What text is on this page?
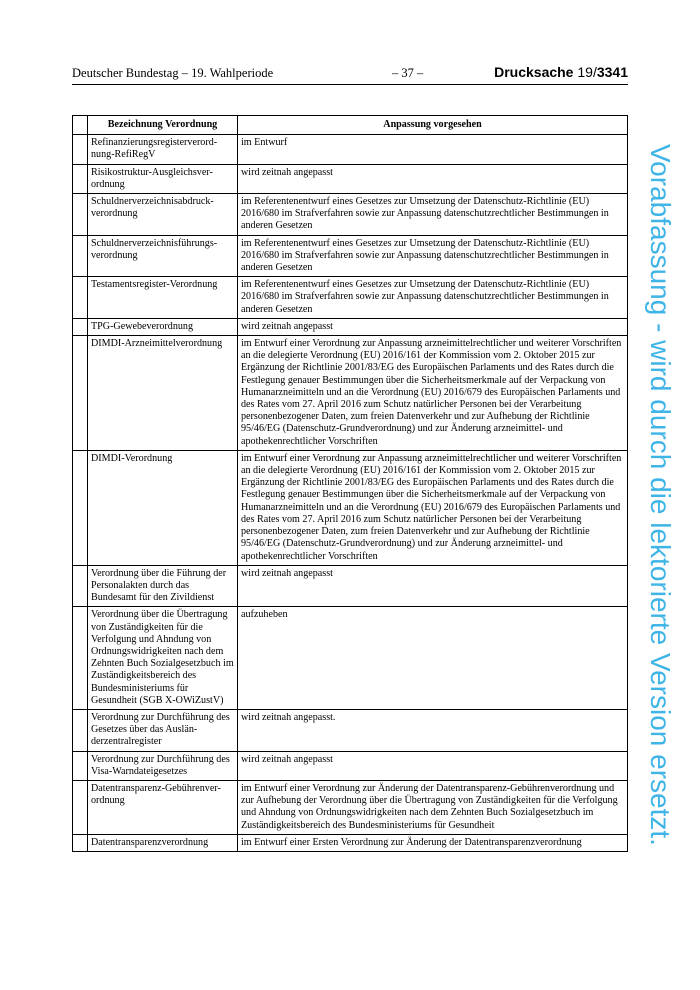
Deutscher Bundestag – 19. Wahlperiode	– 37 –	Drucksache 19/3341
	Bezeichnung Verordnung	Anpassung vorgesehen
	Refinanzierungsregisterverordnung-RefiRegV	im Entwurf
	Risikostruktur-Ausgleichsverordnung	wird zeitnah angepasst
	Schuldnerverzeichnisabdruckverordnung	im Referentenentwurf eines Gesetzes zur Umsetzung der Datenschutz-Richtlinie (EU) 2016/680 im Strafverfahren sowie zur Anpassung datenschutzrechtlicher Bestimmungen in anderen Gesetzen
	Schuldnerverzeichnisführungsverordnung	im Referentenentwurf eines Gesetzes zur Umsetzung der Datenschutz-Richtlinie (EU) 2016/680 im Strafverfahren sowie zur Anpassung datenschutzrechtlicher Bestimmungen in anderen Gesetzen
	Testamentsregister-Verordnung	im Referentenentwurf eines Gesetzes zur Umsetzung der Datenschutz-Richtlinie (EU) 2016/680 im Strafverfahren sowie zur Anpassung datenschutzrechtlicher Bestimmungen in anderen Gesetzen
	TPG-Gewebeverordnung	wird zeitnah angepasst
	DIMDI-Arzneimittelverordnung	im Entwurf einer Verordnung zur Anpassung arzneimittelrechtlicher und weiterer Vorschriften an die delegierte Verordnung (EU) 2016/161 der Kommission vom 2. Oktober 2015 zur Ergänzung der Richtlinie 2001/83/EG des Europäischen Parlaments und des Rates durch die Festlegung genauer Bestimmungen über die Sicherheitsmerkmale auf der Verpackung von Humanarzneimitteln und an die Verordnung (EU) 2016/679 des Europäischen Parlaments und des Rates vom 27. April 2016 zum Schutz natürlicher Personen bei der Verarbeitung personenbezogener Daten, zum freien Datenverkehr und zur Aufhebung der Richtlinie 95/46/EG (Datenschutz-Grundverordnung) und zur Änderung arzneimittel- und apothekenrechtlicher Vorschriften
	DIMDI-Verordnung	im Entwurf einer Verordnung zur Anpassung arzneimittelrechtlicher und weiterer Vorschriften an die delegierte Verordnung (EU) 2016/161 der Kommission vom 2. Oktober 2015 zur Ergänzung der Richtlinie 2001/83/EG des Europäischen Parlaments und des Rates durch die Festlegung genauer Bestimmungen über die Sicherheitsmerkmale auf der Verpackung von Humanarzneimitteln und an die Verordnung (EU) 2016/679 des Europäischen Parlaments und des Rates vom 27. April 2016 zum Schutz natürlicher Personen bei der Verarbeitung personenbezogener Daten, zum freien Datenverkehr und zur Aufhebung der Richtlinie 95/46/EG (Datenschutz-Grundverordnung) und zur Änderung arzneimittel- und apothekenrechtlicher Vorschriften
	Verordnung über die Führung der Personalakten durch das Bundesamt für den Zivildienst	wird zeitnah angepasst
	Verordnung über die Übertragung von Zuständigkeiten für die Verfolgung und Ahndung von Ordnungswidrigkeiten nach dem Zehnten Buch Sozialgesetzbuch im Zuständigkeitsbereich des Bundesministeriums für Gesundheit (SGB X-OWiZustV)	aufzuheben
	Verordnung zur Durchführung des Gesetzes über das Ausländerzentralregister	wird zeitnah angepasst.
	Verordnung zur Durchführung des Visa-Warndateigesetzes	wird zeitnah angepasst
	Datentransparenz-Gebührenverordnung	im Entwurf einer Verordnung zur Änderung der Datentransparenz-Gebührenverordnung und zur Aufhebung der Verordnung über die Übertragung von Zuständigkeiten für die Verfolgung und Ahndung von Ordnungswidrigkeiten nach dem Zehnten Buch Sozialgesetzbuch im Zuständigkeitsbereich des Bundesministeriums für Gesundheit
	Datentransparenzverordnung	im Entwurf einer Ersten Verordnung zur Änderung der Datentransparenzverordnung Vorabfassung - wird durch die lektorierte Version ersetzt.
